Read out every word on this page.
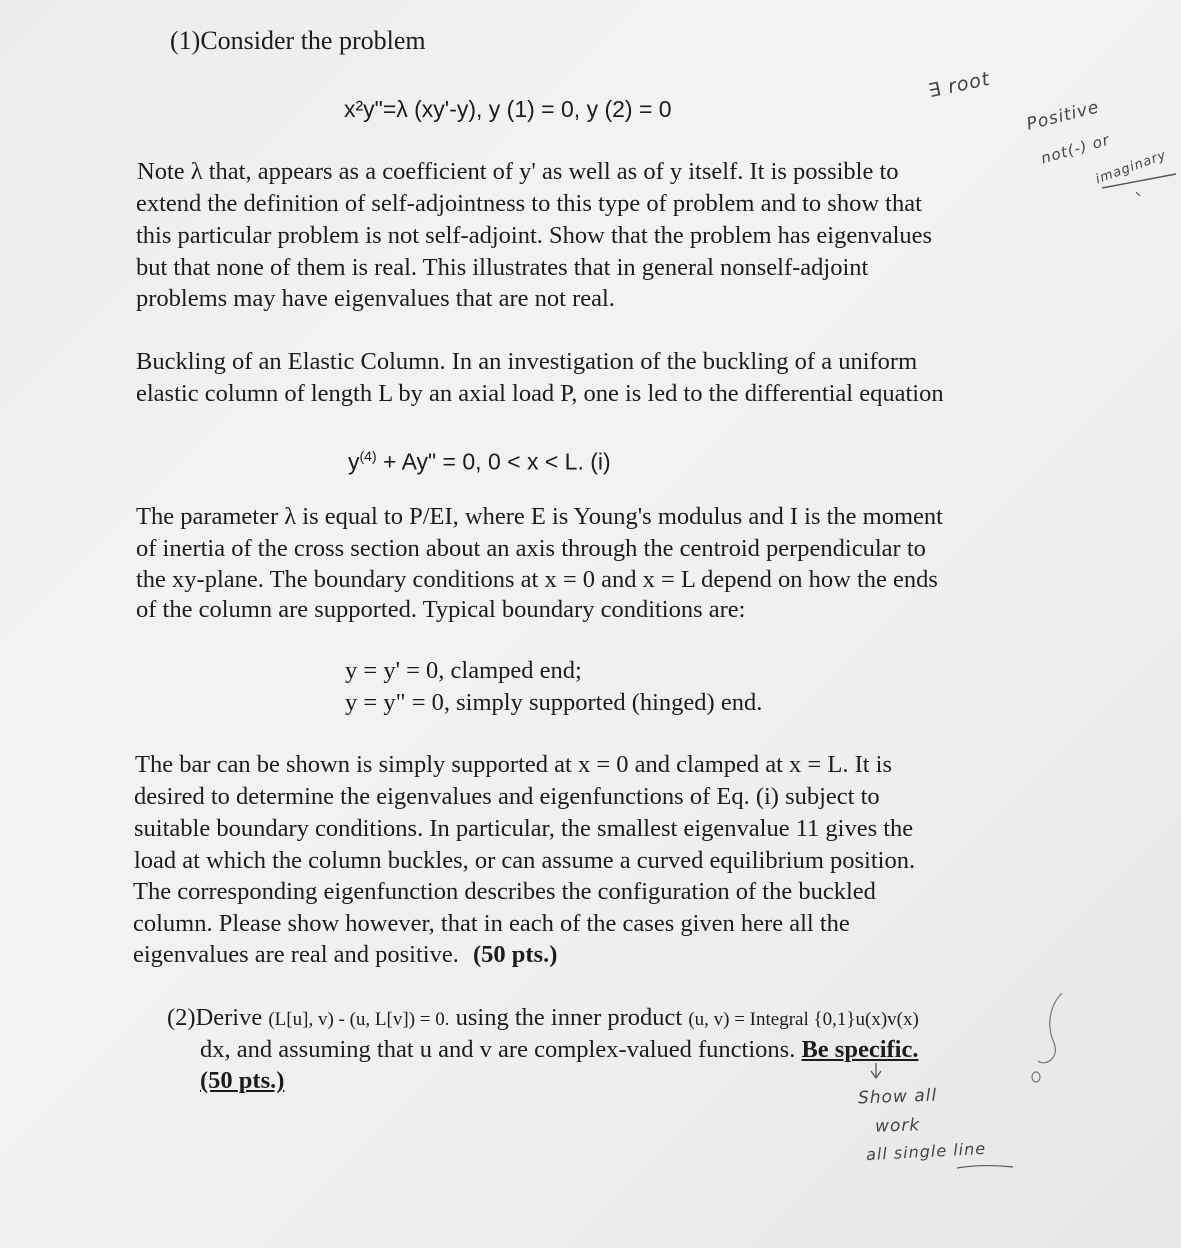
(1)Consider the problem
x²y"=λ (xy'-y), y (1) = 0, y (2) = 0
Note λ that, appears as a coefficient of y' as well as of y itself. It is possible to
extend the definition of self-adjointness to this type of problem and to show that
this particular problem is not self-adjoint. Show that the problem has eigenvalues
but that none of them is real. This illustrates that in general nonself-adjoint
problems may have eigenvalues that are not real.
Buckling of an Elastic Column. In an investigation of the buckling of a uniform
elastic column of length L by an axial load P, one is led to the differential equation
$y^{(4)} + Ay$" = 0, 0 < x < L. (i)
The parameter λ is equal to P/EI, where E is Young's modulus and I is the moment
of inertia of the cross section about an axis through the centroid perpendicular to
the xy-plane. The boundary conditions at x = 0 and x = L depend on how the ends
of the column are supported. Typical boundary conditions are:
y = y' = 0, clamped end;
y = y" = 0, simply supported (hinged) end.
The bar can be shown is simply supported at x = 0 and clamped at x = L. It is
desired to determine the eigenvalues and eigenfunctions of Eq. (i) subject to
suitable boundary conditions. In particular, the smallest eigenvalue 11 gives the
load at which the column buckles, or can assume a curved equilibrium position.
The corresponding eigenfunction describes the configuration of the buckled
column. Please show however, that in each of the cases given here all the
eigenvalues are real and positive. (50 pts.)
(2)Derive (L[u], v) - (u, L[v]) = 0. using the inner product (u, v) = Integral {0,1}u(x)v(x)
dx, and assuming that u and v are complex-valued functions. Be specific.
(50 pts.)
∃ root
Positive
not(-) or
imaginary
Show all
work
all single line
